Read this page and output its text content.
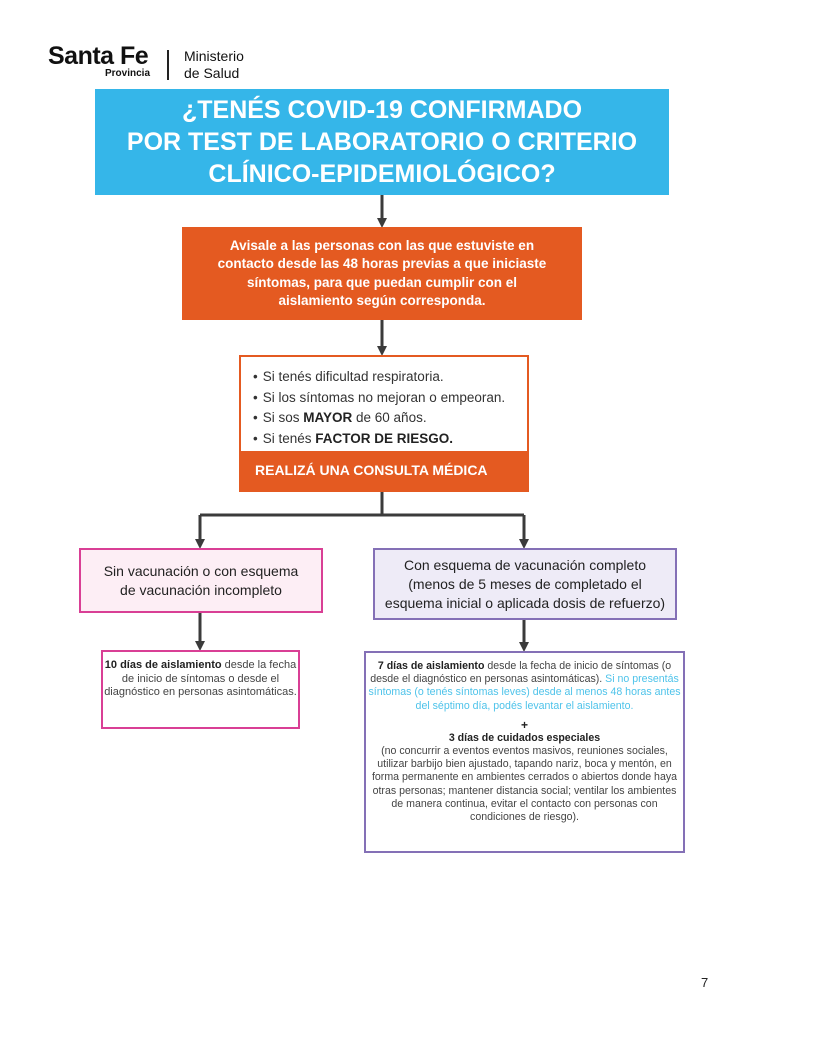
Santa Fe
Provincia
Ministerio
de Salud
¿TENÉS COVID-19 CONFIRMADO
POR TEST DE LABORATORIO O CRITERIO
CLÍNICO-EPIDEMIOLÓGICO?
Avisale a las personas con las que estuviste en
contacto desde las 48 horas previas a que iniciaste
síntomas, para que puedan cumplir con el
aislamiento según corresponda.
• Si tenés dificultad respiratoria.
• Si los síntomas no mejoran o empeoran.
• Si sos MAYOR de 60 años.
• Si tenés FACTOR DE RIESGO.
REALIZÁ UNA CONSULTA MÉDICA
Sin vacunación o con esquema
de vacunación incompleto
Con esquema de vacunación completo
(menos de 5 meses de completado el
esquema inicial o aplicada dosis de refuerzo)
10 días de aislamiento desde la fecha de inicio de síntomas o desde el diagnóstico en personas asintomáticas.
7 días de aislamiento desde la fecha de inicio de síntomas (o desde el diagnóstico en personas asintomáticas). Si no presentás síntomas (o tenés síntomas leves) desde al menos 48 horas antes del séptimo día, podés levantar el aislamiento.
+
3 días de cuidados especiales
(no concurrir a eventos eventos masivos, reuniones sociales, utilizar barbijo bien ajustado, tapando nariz, boca y mentón, en forma permanente en ambientes cerrados o abiertos donde haya otras personas; mantener distancia social; ventilar los ambientes de manera continua, evitar el contacto con personas con condiciones de riesgo).
7
